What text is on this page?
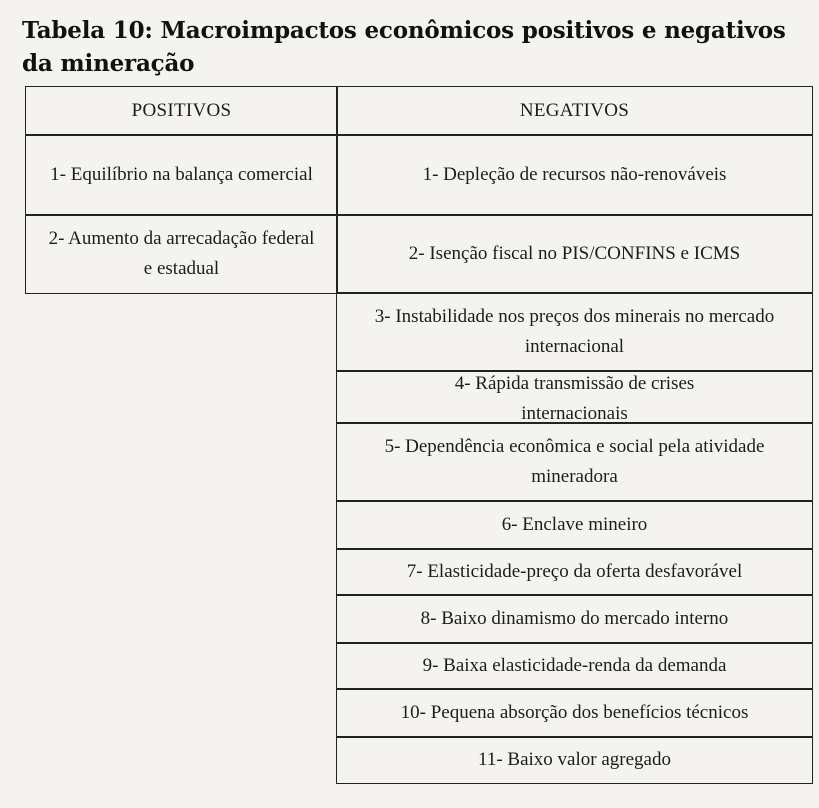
Tabela 10: Macroimpactos econômicos positivos e negativos da mineração
POSITIVOS	NEGATIVOS
1- Equilíbrio na balança comercial	1- Depleção de recursos não-renováveis
2- Aumento da arrecadação federal e estadual
2- Isenção fiscal no PIS/CONFINS e ICMS
3- Instabilidade nos preços dos minerais no mercado internacional
4- Rápida transmissão de crises internacionais
5- Dependência econômica e social pela atividade mineradora
6- Enclave mineiro
7- Elasticidade-preço da oferta desfavorável
8- Baixo dinamismo do mercado interno
9- Baixa elasticidade-renda da demanda
10- Pequena absorção dos benefícios técnicos
11- Baixo valor agregado
